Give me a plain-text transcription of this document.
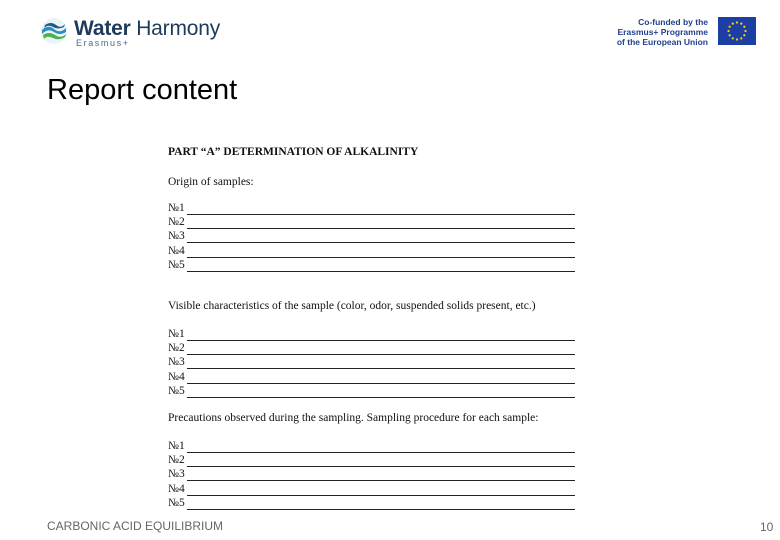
Water Harmony
Erasmus+
Co-funded by the
Erasmus+ Programme
of the European Union
Report content
PART “A” DETERMINATION OF ALKALINITY
Origin of samples:
№1
№2
№3
№4
№5
Visible characteristics of the sample (color, odor, suspended solids present, etc.)
№1
№2
№3
№4
№5
Precautions observed during the sampling. Sampling procedure for each sample:
№1
№2
№3
№4
№5
CARBONIC ACID EQUILIBRIUM	10
